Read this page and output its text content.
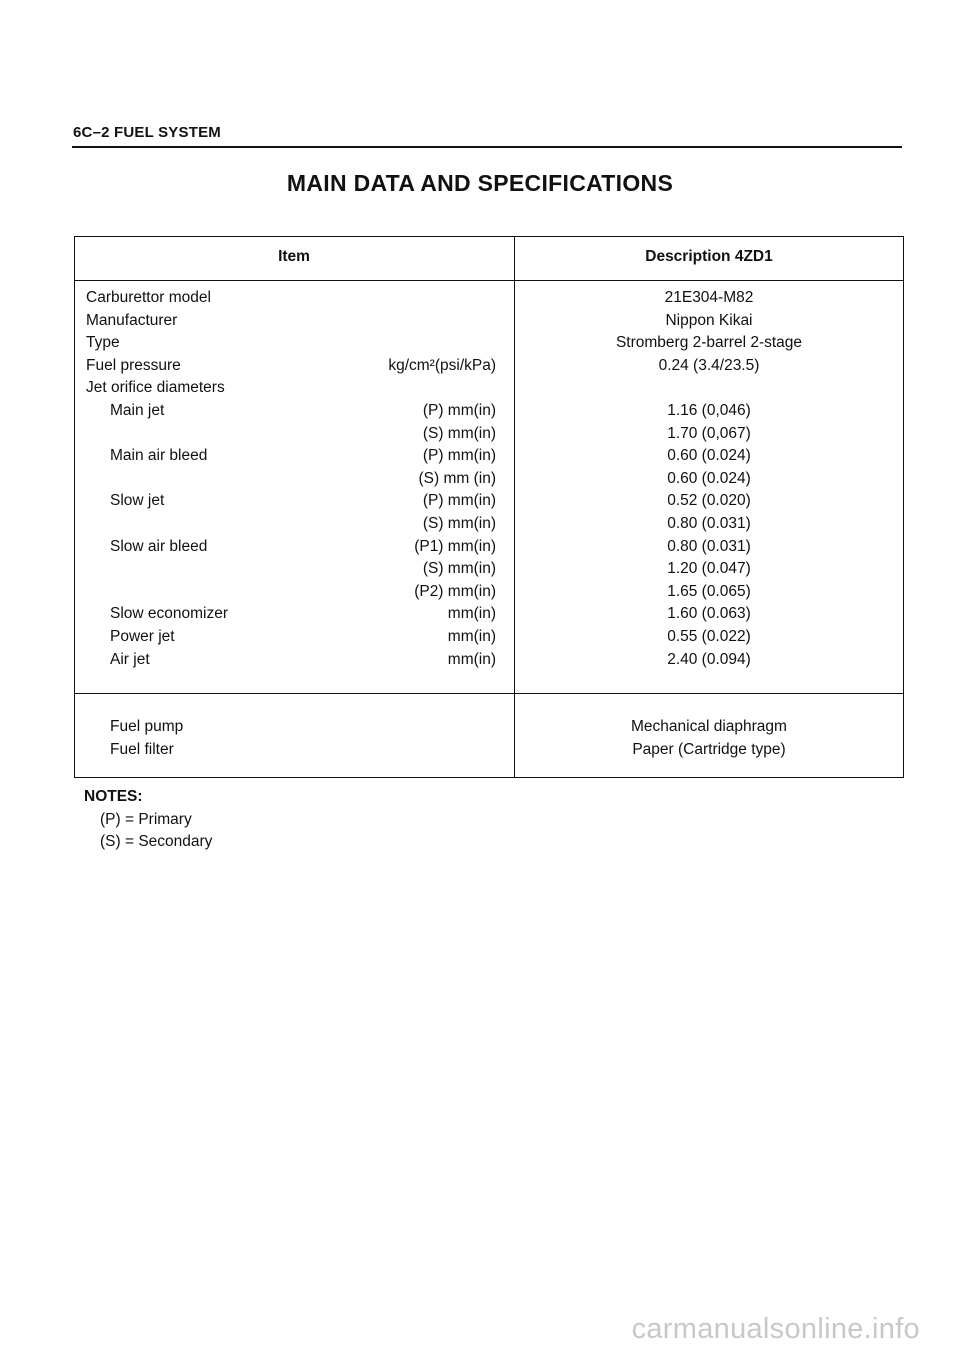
6C–2 FUEL SYSTEM
MAIN DATA AND SPECIFICATIONS
Item	Description 4ZD1
Carburettor model	21E304-M82
Manufacturer	Nippon Kikai
Type	Stromberg 2-barrel 2-stage
Fuel pressure	kg/cm²(psi/kPa)	0.24 (3.4/23.5)
Jet orifice diameters
Main jet	(P) mm(in)	1.16 (0,046)
(S) mm(in)	1.70 (0,067)
Main air bleed	(P) mm(in)	0.60 (0.024)
(S) mm (in)	0.60 (0.024)
Slow jet	(P) mm(in)	0.52 (0.020)
(S) mm(in)	0.80 (0.031)
Slow air bleed	(P1) mm(in)	0.80 (0.031)
(S) mm(in)	1.20 (0.047)
(P2) mm(in)	1.65 (0.065)
Slow economizer	mm(in)	1.60 (0.063)
Power jet	mm(in)	0.55 (0.022)
Air jet	mm(in)	2.40 (0.094)
Fuel pump	Mechanical diaphragm
Fuel filter	Paper (Cartridge type)
NOTES:
(P) = Primary
(S) = Secondary
carmanualsonline.info
